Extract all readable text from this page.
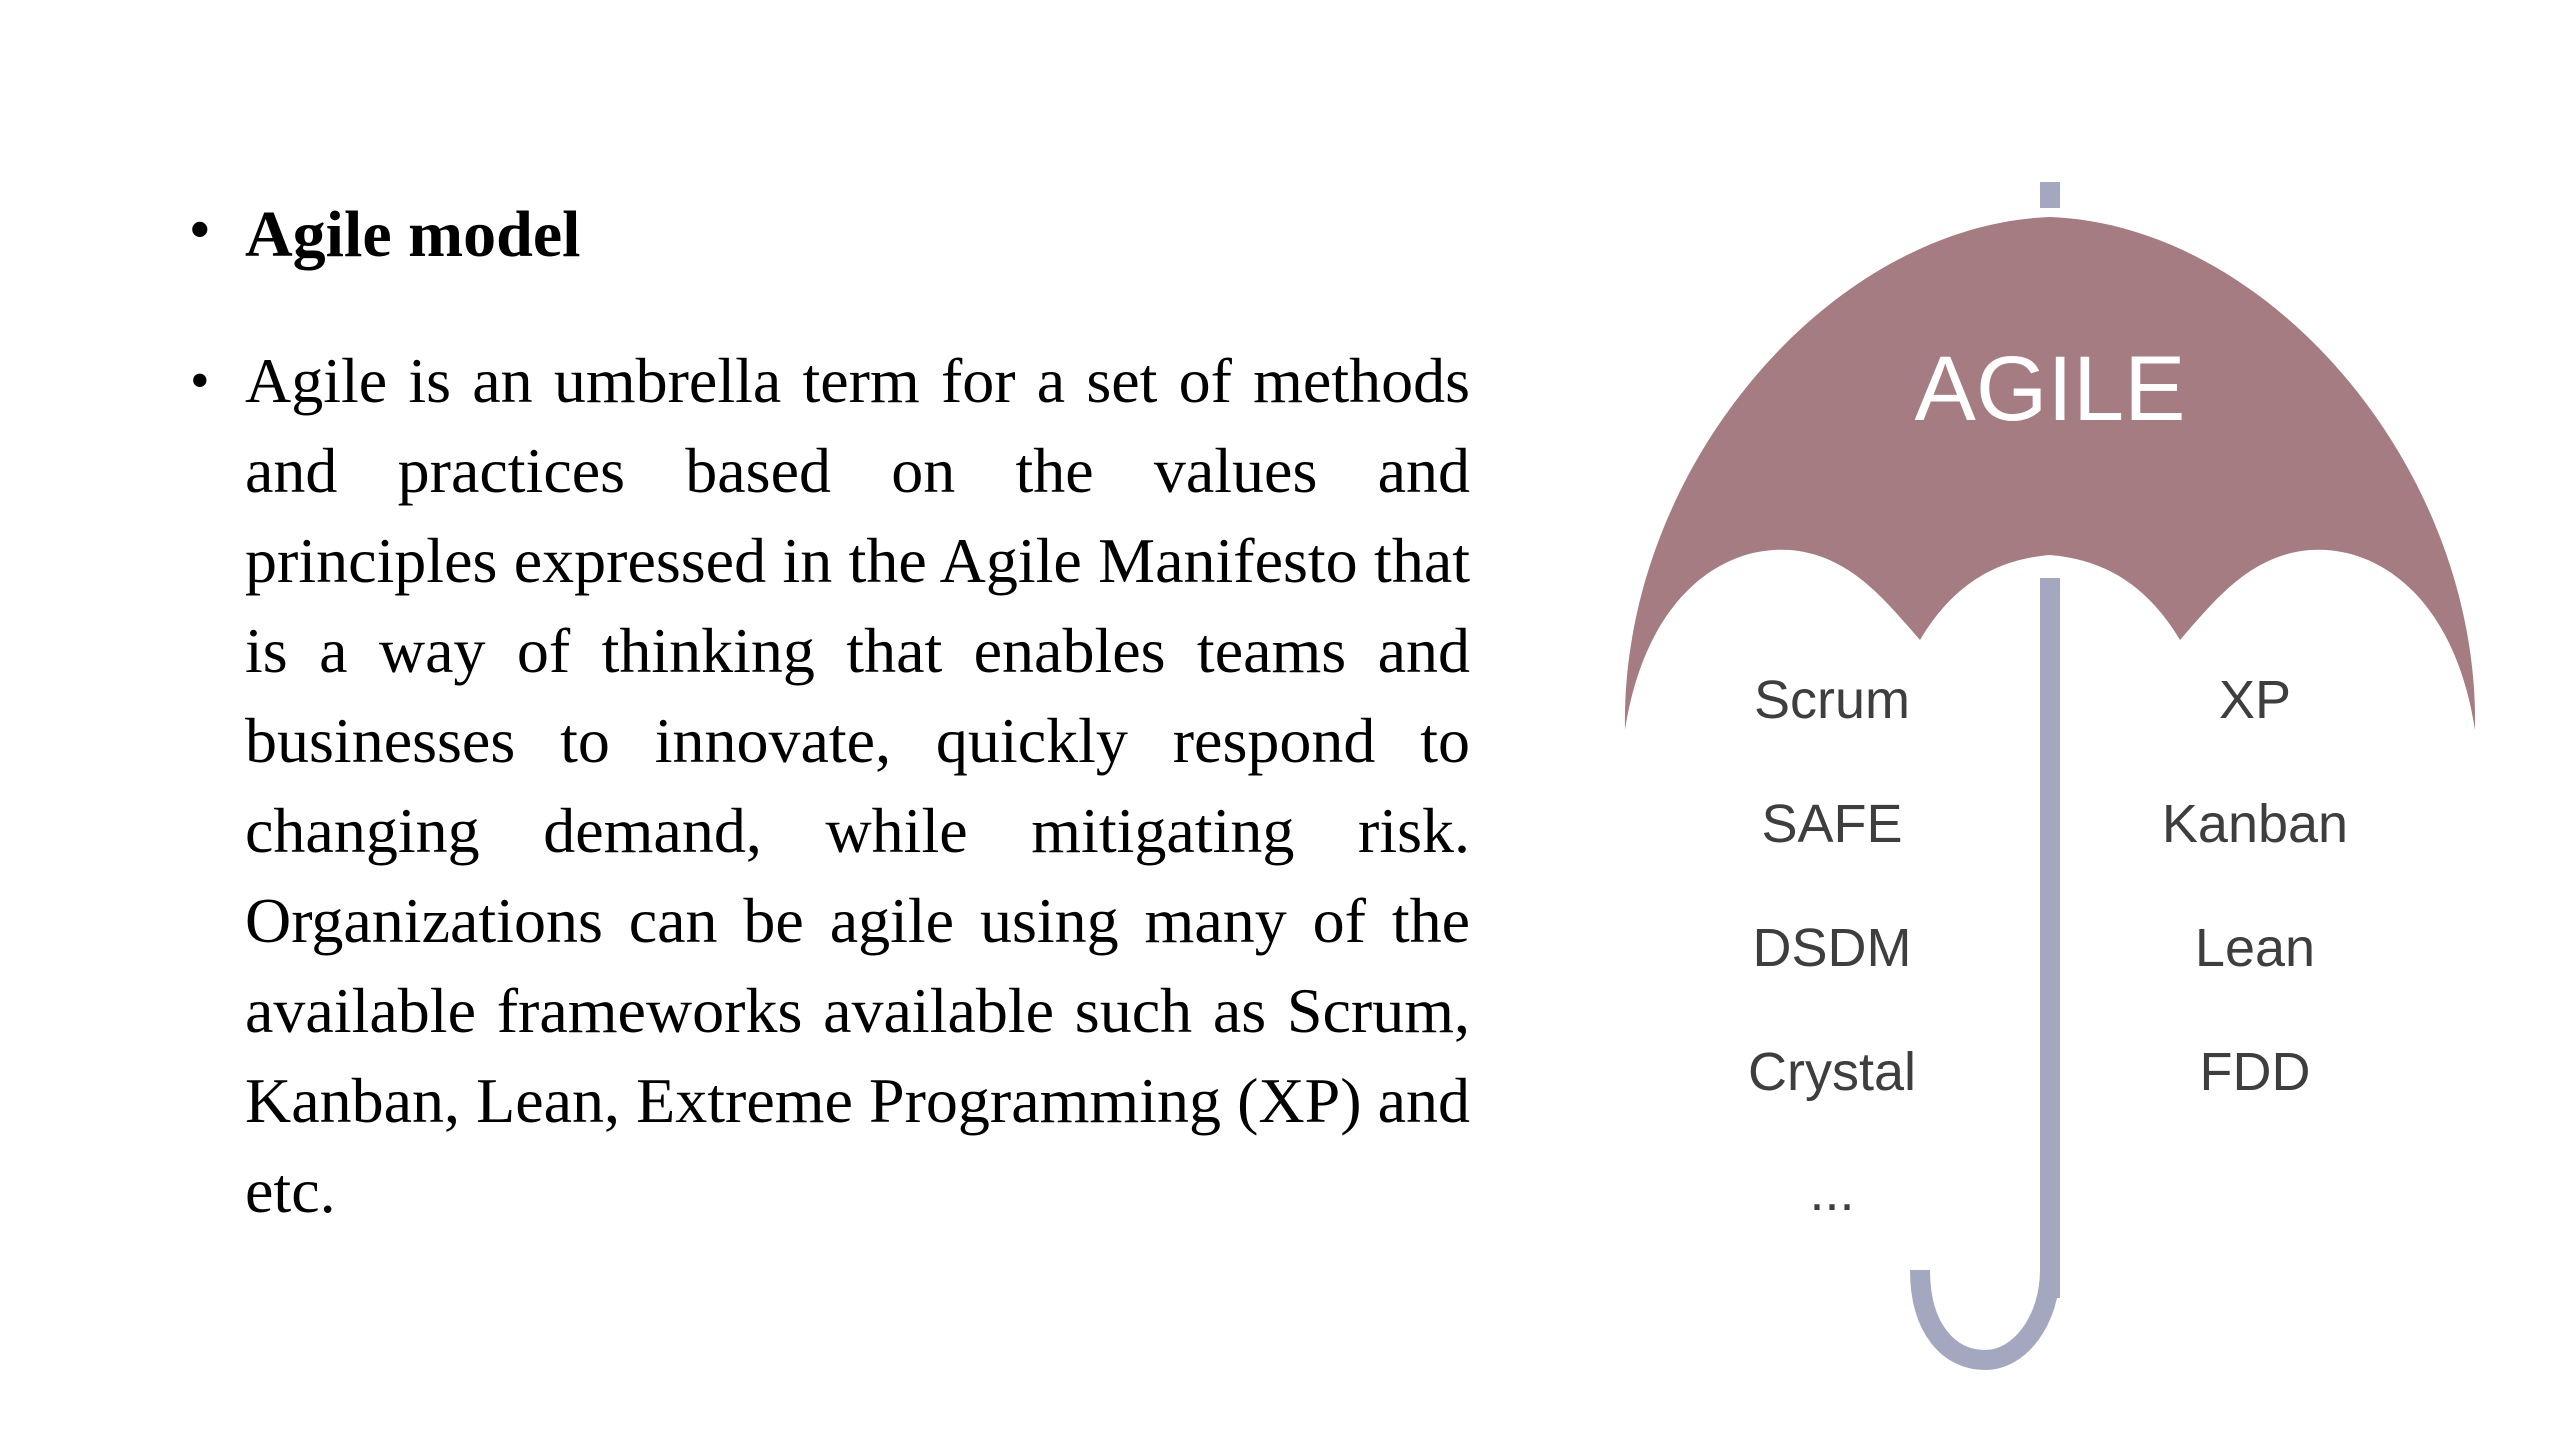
• Agile model
• Agile is an umbrella term for a set of methods and practices based on the values and principles expressed in the Agile Manifesto that is a way of thinking that enables teams and businesses to innovate, quickly respond to changing demand, while mitigating risk. Organizations can be agile using many of the available frameworks available such as Scrum, Kanban, Lean, Extreme Programming (XP) and etc.
AGILE
Scrum
SAFE
DSDM
Crystal
...
XP
Kanban
Lean
FDD
